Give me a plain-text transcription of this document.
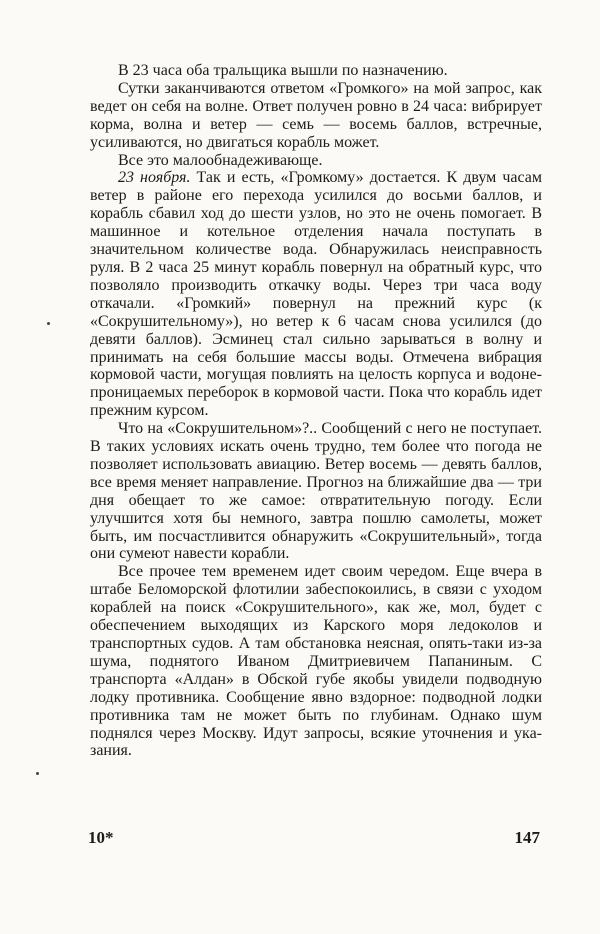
В 23 часа оба тральщика вышли по назначению.

Сутки заканчиваются ответом «Громкого» на мой запрос, как ведет он себя на волне. Ответ получен ровно в 24 часа: вибрирует корма, волна и ветер — семь — восемь баллов, встречные, усиливаются, но двигаться корабль может.

Все это малообнадеживающе.

23 ноября. Так и есть, «Громкому» достается. К двум часам ветер в районе его перехода усилился до восьми баллов, и корабль сбавил ход до шести узлов, но это не очень помогает. В машинное и котельное отделения начала поступать в значительном количестве вода. Обнаружилась неисправность руля. В 2 часа 25 минут корабль повернул на обратный курс, что позволяло производить откачку воды. Через три часа воду откачали. «Громкий» повернул на прежний курс (к «Сокрушительному»), но ветер к 6 часам снова усилился (до девяти баллов). Эсминец стал сильно зарываться в волну и принимать на себя большие массы воды. Отмечена вибрация кормовой части, могущая повлиять на целость корпуса и водонепроницаемых переборок в кормовой части. Пока что корабль идет прежним курсом.

Что на «Сокрушительном»?.. Сообщений с него не поступает. В таких условиях искать очень трудно, тем более что погода не позволяет использовать авиацию. Ветер восемь — девять баллов, все время меняет направление. Прогноз на ближайшие два — три дня обещает то же самое: отвратительную погоду. Если улучшится хотя бы немного, завтра пошлю самолеты, может быть, им посчастливится обнаружить «Сокрушительный», тогда они сумеют навести корабли.

Все прочее тем временем идет своим чередом. Еще вчера в штабе Беломорской флотилии забеспокоились, в связи с уходом кораблей на поиск «Сокрушительного», как же, мол, будет с обеспечением выходящих из Карского моря ледоколов и транспортных судов. А там обстановка неясная, опять-таки из-за шума, поднятого Иваном Дмитриевичем Папаниным. С транспорта «Алдан» в Обской губе якобы увидели подводную лодку противника. Сообщение явно вздорное: подводной лодки противника там не может быть по глубинам. Однако шум поднялся через Москву. Идут запросы, всякие уточнения и указания.

10*	147
